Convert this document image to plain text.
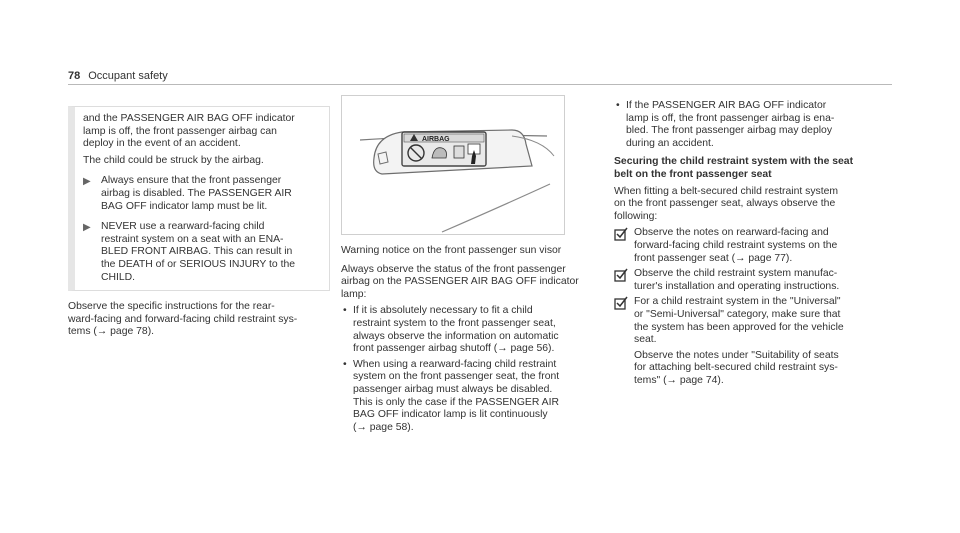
78 Occupant safety

and the PASSENGER AIR BAG OFF indicator
lamp is off, the front passenger airbag can
deploy in the event of an accident.

The child could be struck by the airbag.

▶ Always ensure that the front passenger
airbag is disabled. The PASSENGER AIR
BAG OFF indicator lamp must be lit.
▶ NEVER use a rearward-facing child
restraint system on a seat with an ENA-
BLED FRONT AIRBAG. This can result in
the DEATH of or SERIOUS INJURY to the
CHILD.

Observe the specific instructions for the rear-
ward-facing and forward-facing child restraint sys-
tems (→ page 78).

AIRBAG

Warning notice on the front passenger sun visor

Always observe the status of the front passenger
airbag on the PASSENGER AIR BAG OFF indicator
lamp:

• If it is absolutely necessary to fit a child
restraint system to the front passenger seat,
always observe the information on automatic
front passenger airbag shutoff (→ page 56).
• When using a rearward-facing child restraint
system on the front passenger seat, the front
passenger airbag must always be disabled.
This is only the case if the PASSENGER AIR
BAG OFF indicator lamp is lit continuously
(→ page 58).
• If the PASSENGER AIR BAG OFF indicator
lamp is off, the front passenger airbag is ena-
bled. The front passenger airbag may deploy
during an accident.
Securing the child restraint system with the seat
belt on the front passenger seat

When fitting a belt-secured child restraint system
on the front passenger seat, always observe the
following:

Observe the notes on rearward-facing and
forward-facing child restraint systems on the
front passenger seat (→ page 77).
Observe the child restraint system manufac-
turer's installation and operating instructions.
For a child restraint system in the "Universal"
or "Semi-Universal" category, make sure that
the system has been approved for the vehicle
seat.
Observe the notes under "Suitability of seats
for attaching belt-secured child restraint sys-
tems" (→ page 74).
